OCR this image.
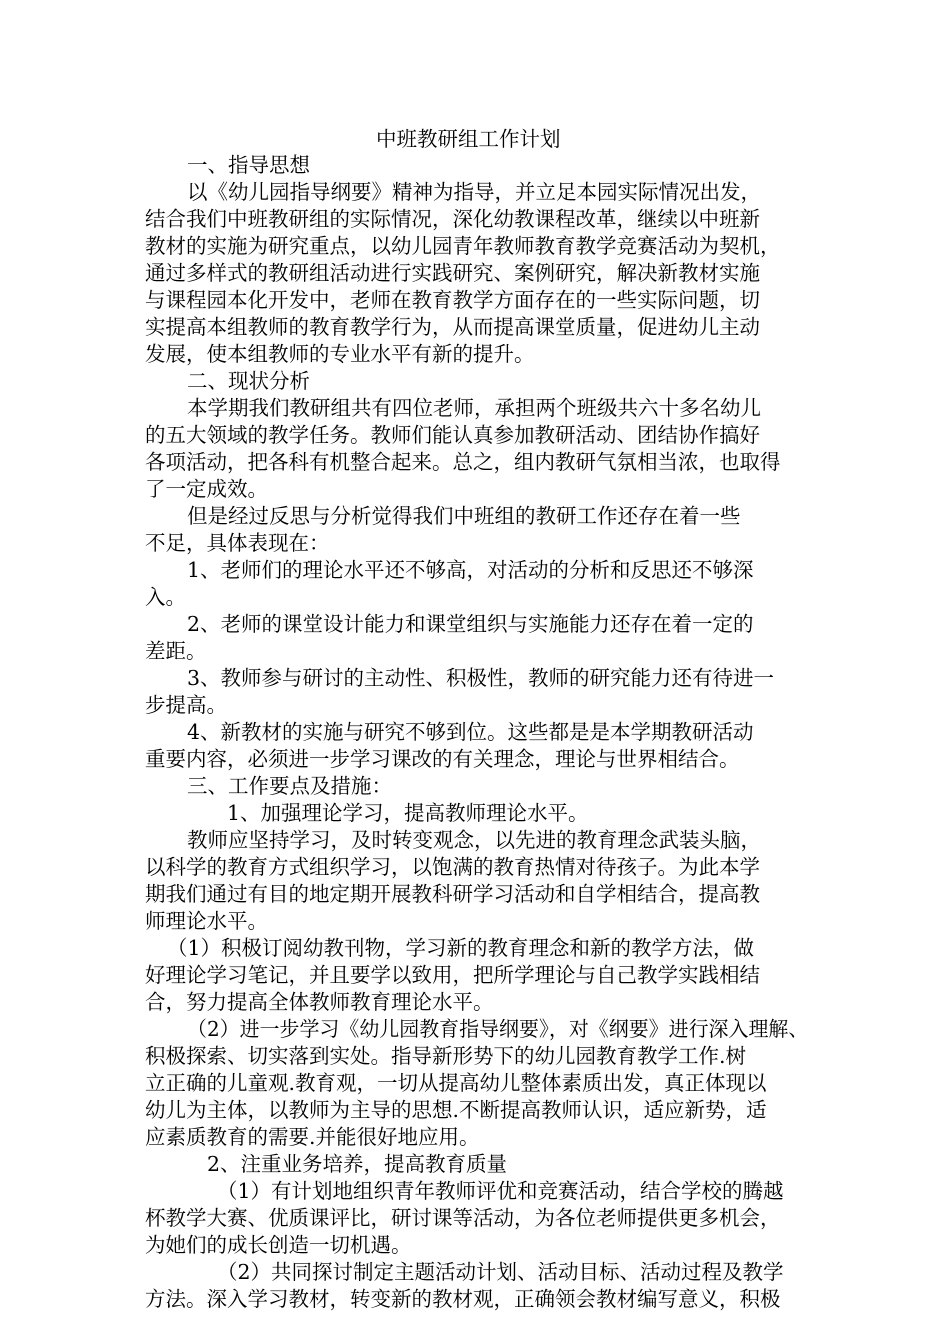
中班教研组工作计划
一、指导思想
以《幼儿园指导纲要》精神为指导，并立足本园实际情况出发，
结合我们中班教研组的实际情况，深化幼教课程改革，继续以中班新
教材的实施为研究重点，以幼儿园青年教师教育教学竞赛活动为契机，
通过多样式的教研组活动进行实践研究、案例研究，解决新教材实施
与课程园本化开发中，老师在教育教学方面存在的一些实际问题，切
实提高本组教师的教育教学行为，从而提高课堂质量，促进幼儿主动
发展，使本组教师的专业水平有新的提升。
二、现状分析
本学期我们教研组共有四位老师，承担两个班级共六十多名幼儿
的五大领域的教学任务。教师们能认真参加教研活动、团结协作搞好
各项活动，把各科有机整合起来。总之，组内教研气氛相当浓，也取得
了一定成效。
但是经过反思与分析觉得我们中班组的教研工作还存在着一些
不足，具体表现在：
1、老师们的理论水平还不够高，对活动的分析和反思还不够深
入。
2、老师的课堂设计能力和课堂组织与实施能力还存在着一定的
差距。
3、教师参与研讨的主动性、积极性，教师的研究能力还有待进一
步提高。
4、新教材的实施与研究不够到位。这些都是是本学期教研活动
重要内容，必须进一步学习课改的有关理念，理论与世界相结合。
三、工作要点及措施：
1、加强理论学习，提高教师理论水平。
教师应坚持学习，及时转变观念，以先进的教育理念武装头脑，
以科学的教育方式组织学习，以饱满的教育热情对待孩子。为此本学
期我们通过有目的地定期开展教科研学习活动和自学相结合，提高教
师理论水平。
（1）积极订阅幼教刊物，学习新的教育理念和新的教学方法，做
好理论学习笔记，并且要学以致用，把所学理论与自己教学实践相结
合，努力提高全体教师教育理论水平。
（2）进一步学习《幼儿园教育指导纲要》，对《纲要》进行深入理解、
积极探索、切实落到实处。指导新形势下的幼儿园教育教学工作.树
立正确的儿童观.教育观，一切从提高幼儿整体素质出发，真正体现以
幼儿为主体，以教师为主导的思想.不断提高教师认识，适应新势，适
应素质教育的需要.并能很好地应用。
2、注重业务培养，提高教育质量
（1）有计划地组织青年教师评优和竞赛活动，结合学校的腾越
杯教学大赛、优质课评比，研讨课等活动，为各位老师提供更多机会，
为她们的成长创造一切机遇。
（2）共同探讨制定主题活动计划、活动目标、活动过程及教学
方法。深入学习教材，转变新的教材观，正确领会教材编写意义，积极
